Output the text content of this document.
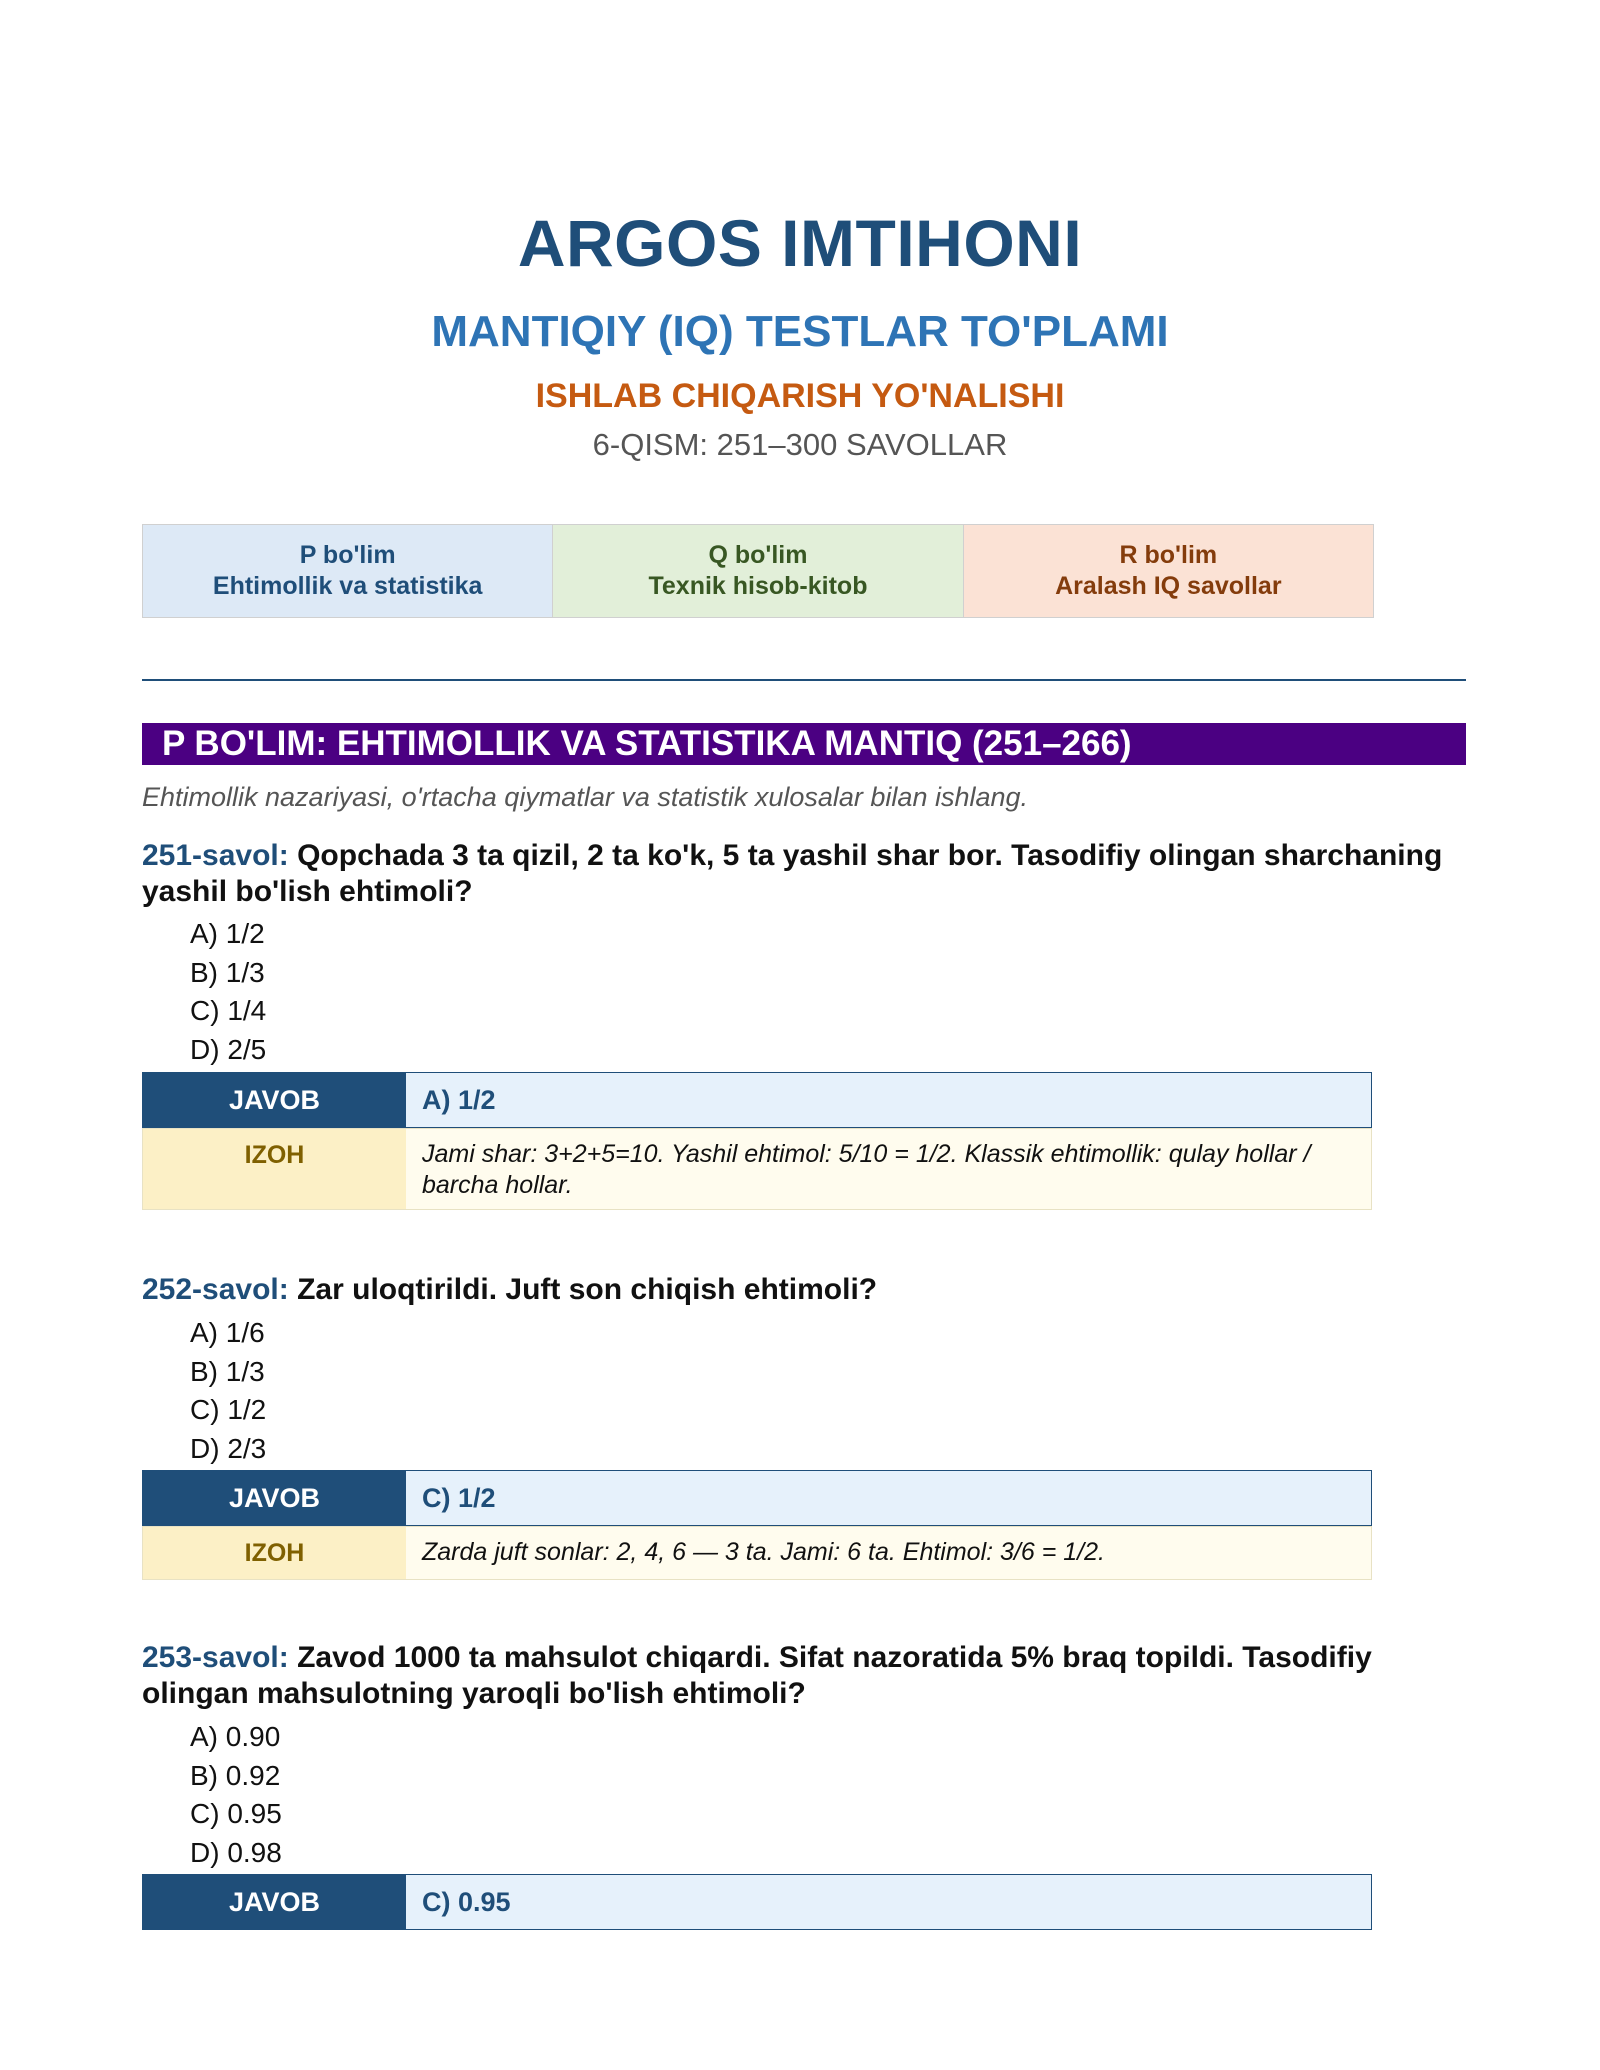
ARGOS IMTIHONI
MANTIQIY (IQ) TESTLAR TO'PLAMI
ISHLAB CHIQARISH YO'NALISHI
6-QISM: 251–300 SAVOLLAR
P bo'lim
Ehtimollik va statistika
Q bo'lim
Texnik hisob-kitob
R bo'lim
Aralash IQ savollar
P BO'LIM: EHTIMOLLIK VA STATISTIKA MANTIQ (251–266)
Ehtimollik nazariyasi, o'rtacha qiymatlar va statistik xulosalar bilan ishlang.
251-savol: Qopchada 3 ta qizil, 2 ta ko'k, 5 ta yashil shar bor. Tasodifiy olingan sharchaning yashil bo'lish ehtimoli?
A) 1/2
B) 1/3
C) 1/4
D) 2/5
JAVOB	A) 1/2
IZOH	Jami shar: 3+2+5=10. Yashil ehtimol: 5/10 = 1/2. Klassik ehtimollik: qulay hollar / barcha hollar.
252-savol: Zar uloqtirildi. Juft son chiqish ehtimoli?
A) 1/6
B) 1/3
C) 1/2
D) 2/3
JAVOB	C) 1/2
IZOH	Zarda juft sonlar: 2, 4, 6 — 3 ta. Jami: 6 ta. Ehtimol: 3/6 = 1/2.
253-savol: Zavod 1000 ta mahsulot chiqardi. Sifat nazoratida 5% braq topildi. Tasodifiy olingan mahsulotning yaroqli bo'lish ehtimoli?
A) 0.90
B) 0.92
C) 0.95
D) 0.98
JAVOB	C) 0.95
